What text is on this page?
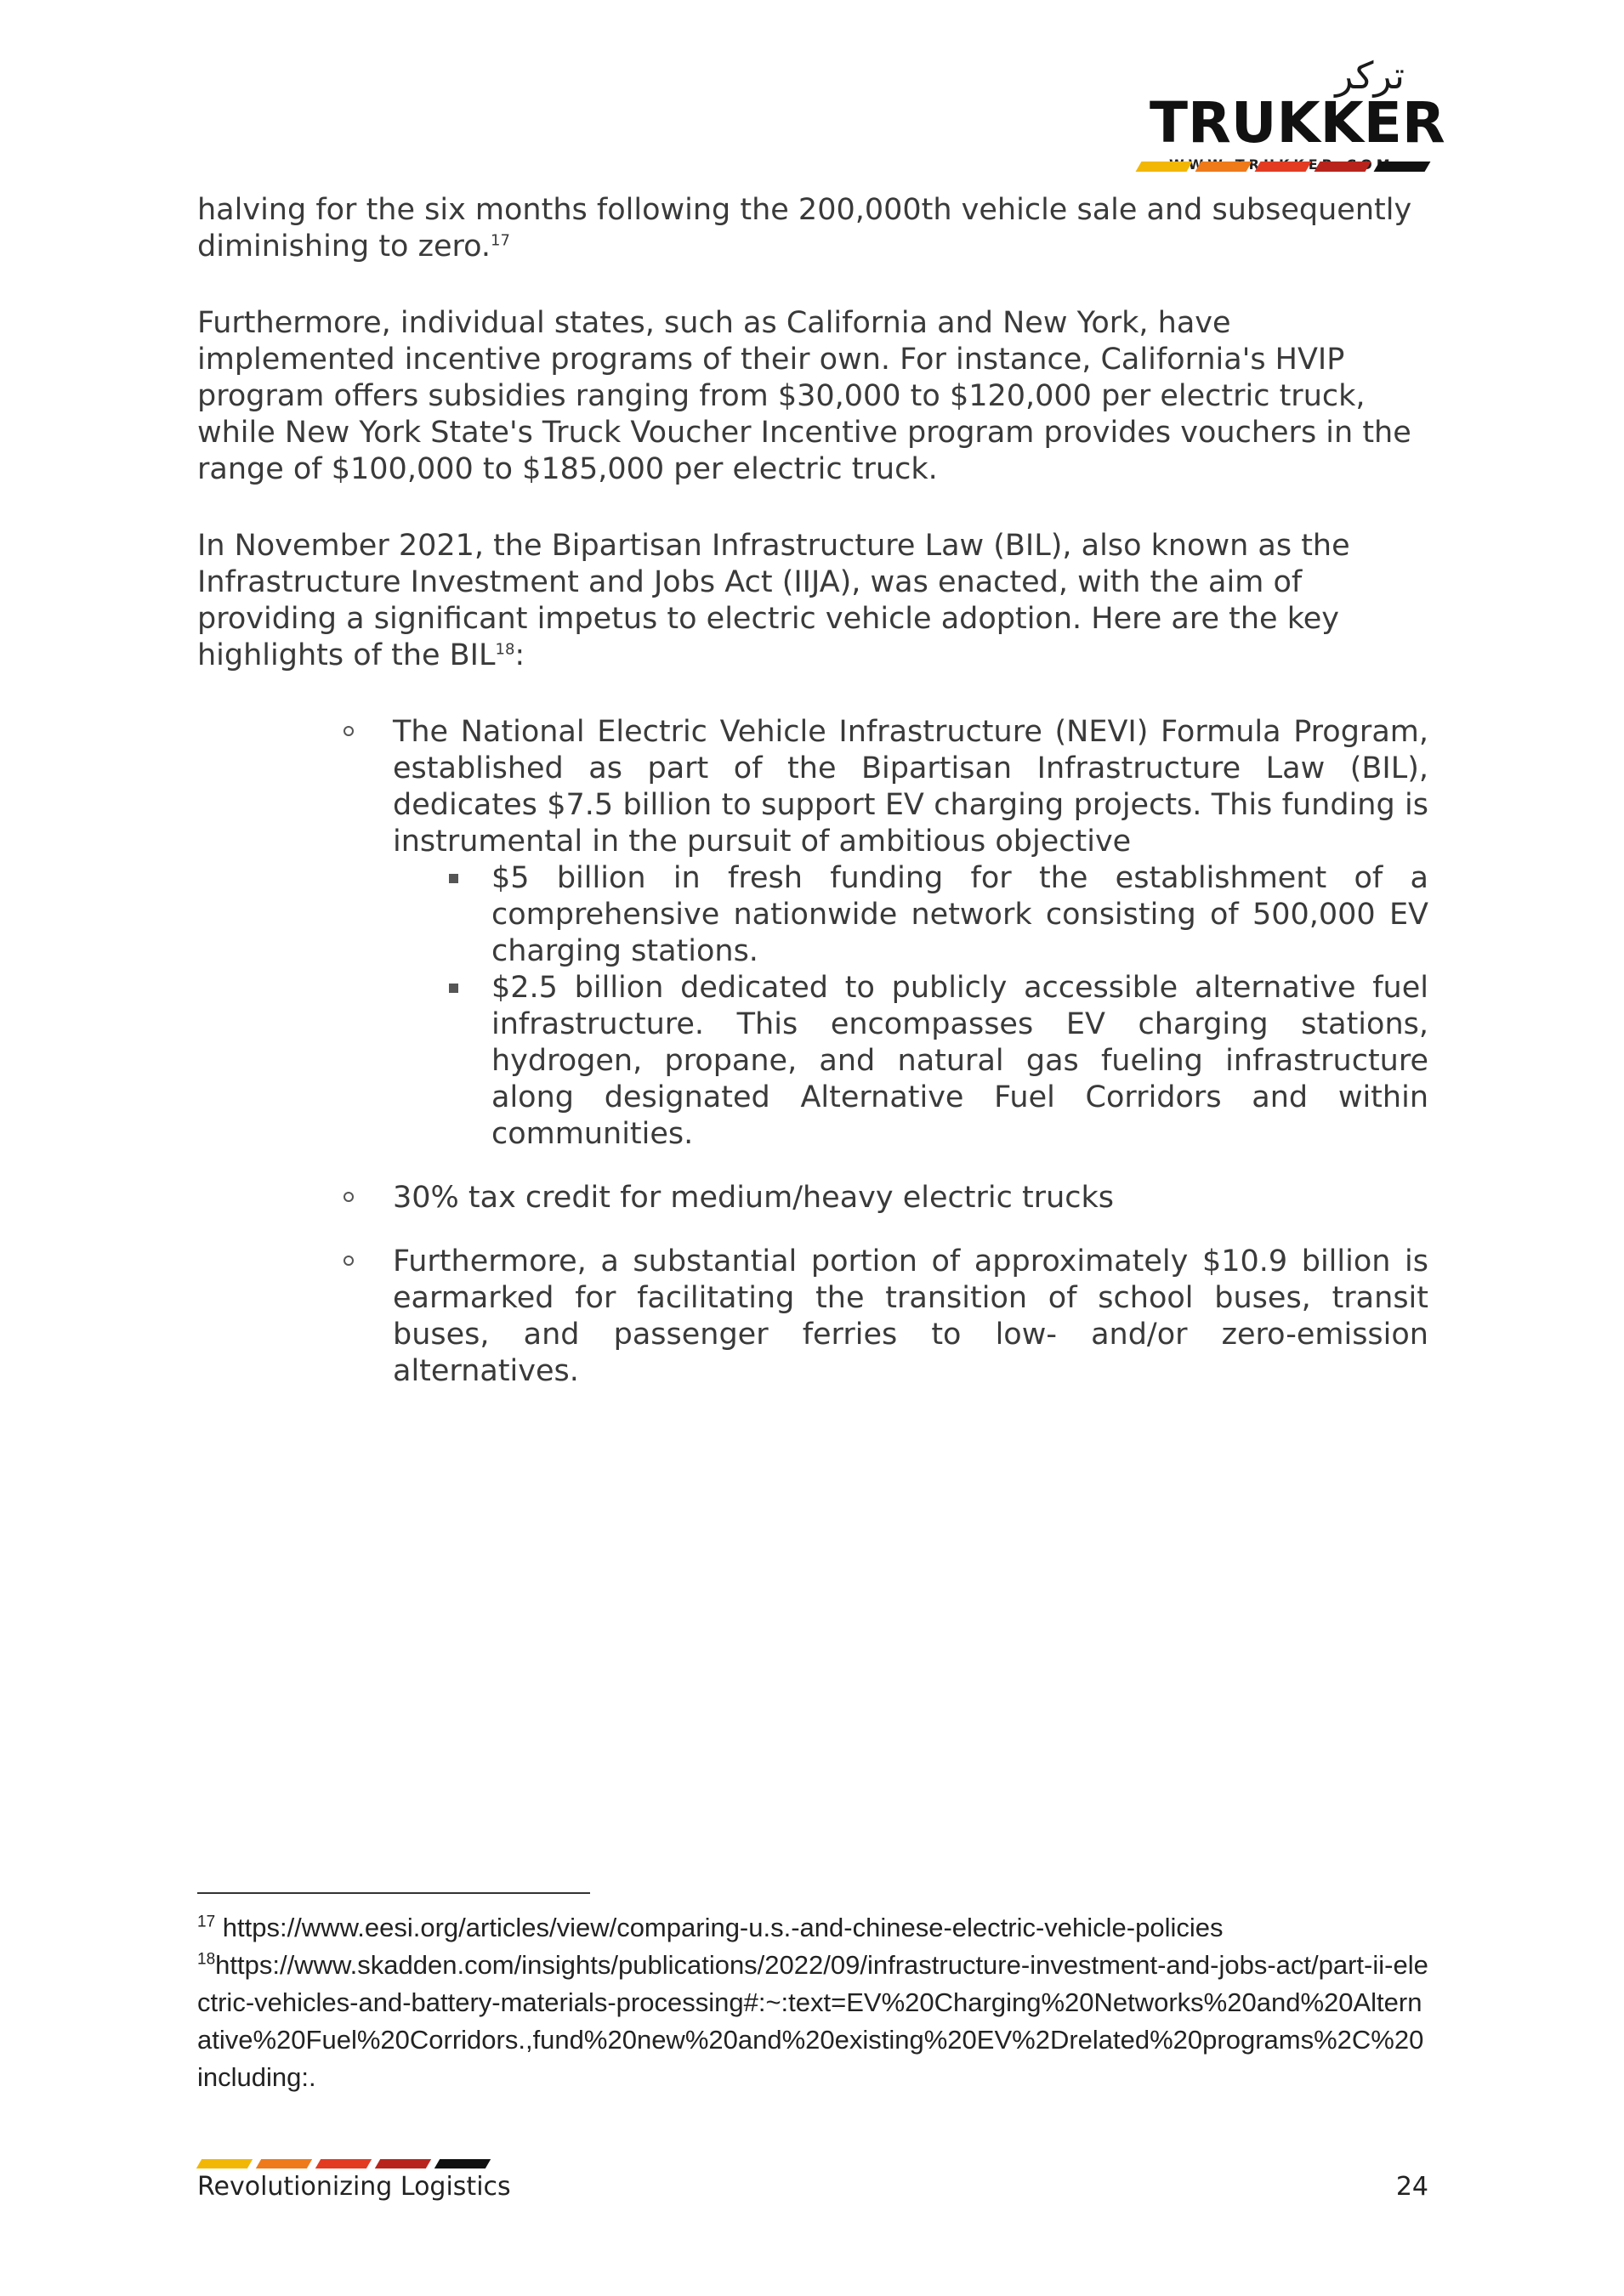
تركر
TRUKKER

halving for the six months following the 200,000th vehicle sale and subsequently diminishing to zero.$^{17}$

Furthermore, individual states, such as California and New York, have implemented incentive programs of their own. For instance, California's HVIP program offers subsidies ranging from $30,000 to $120,000 per electric truck, while New York State's Truck Voucher Incentive program provides vouchers in the range of $100,000 to $185,000 per electric truck.

In November 2021, the Bipartisan Infrastructure Law (BIL), also known as the Infrastructure Investment and Jobs Act (IIJA), was enacted, with the aim of providing a significant impetus to electric vehicle adoption. Here are the key highlights of the BIL$^{18}$:

The National Electric Vehicle Infrastructure (NEVI) Formula Program, established as part of the Bipartisan Infrastructure Law (BIL), dedicates $7.5 billion to support EV charging projects. This funding is instrumental in the pursuit of ambitious objective
$5 billion in fresh funding for the establishment of a comprehensive nationwide network consisting of 500,000 EV charging stations.
$2.5 billion dedicated to publicly accessible alternative fuel infrastructure. This encompasses EV charging stations, hydrogen, propane, and natural gas fueling infrastructure along designated Alternative Fuel Corridors and within communities.
30% tax credit for medium/heavy electric trucks
Furthermore, a substantial portion of approximately $10.9 billion is earmarked for facilitating the transition of school buses, transit buses, and passenger ferries to low- and/or zero-emission alternatives.

$^{17}$ https://www.eesi.org/articles/view/comparing-u.s.-and-chinese-electric-vehicle-policies

$^{18}$https://www.skadden.com/insights/publications/2022/09/infrastructure-investment-and-jobs-act/part-ii-electric-vehicles-and-battery-materials-processing#:~:text=EV%20Charging%20Networks%20and%20Alternative%20Fuel%20Corridors.,fund%20new%20and%20existing%20EV%2Drelated%20programs%2C%20including:.

Revolutionizing Logistics	24
